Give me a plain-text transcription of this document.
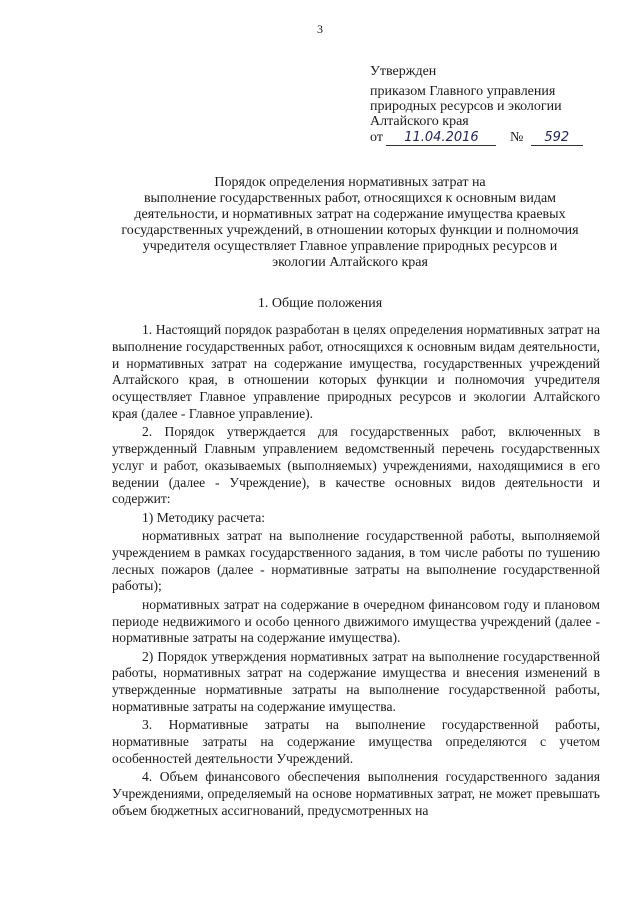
3
Утвержден
приказом Главного управления
природных ресурсов и экологии
Алтайского края
от 11.04.2016 № 592
Порядок определения нормативных затрат на
выполнение государственных работ, относящихся к основным видам
деятельности, и нормативных затрат на содержание имущества краевых
государственных учреждений, в отношении которых функции и полномочия
учредителя осуществляет Главное управление природных ресурсов и
экологии Алтайского края
1. Общие положения

1. Настоящий порядок разработан в целях определения нормативных затрат на выполнение государственных работ, относящихся к основным видам деятельности, и нормативных затрат на содержание имущества, государственных учреждений Алтайского края, в отношении которых функции и полномочия учредителя осуществляет Главное управление природных ресурсов и экологии Алтайского края (далее - Главное управление).

2. Порядок утверждается для государственных работ, включенных в утвержденный Главным управлением ведомственный перечень государственных услуг и работ, оказываемых (выполняемых) учреждениями, находящимися в его ведении (далее - Учреждение), в качестве основных видов деятельности и содержит:

1) Методику расчета:

нормативных затрат на выполнение государственной работы, выполняемой учреждением в рамках государственного задания, в том числе работы по тушению лесных пожаров (далее - нормативные затраты на выполнение государственной работы);

нормативных затрат на содержание в очередном финансовом году и плановом периоде недвижимого и особо ценного движимого имущества учреждений (далее - нормативные затраты на содержание имущества).

2) Порядок утверждения нормативных затрат на выполнение государственной работы, нормативных затрат на содержание имущества и внесения изменений в утвержденные нормативные затраты на выполнение государственной работы, нормативные затраты на содержание имущества.

3. Нормативные затраты на выполнение государственной работы, нормативные затраты на содержание имущества определяются с учетом особенностей деятельности Учреждений.

4. Объем финансового обеспечения выполнения государственного задания Учреждениями, определяемый на основе нормативных затрат, не может превышать объем бюджетных ассигнований, предусмотренных на
